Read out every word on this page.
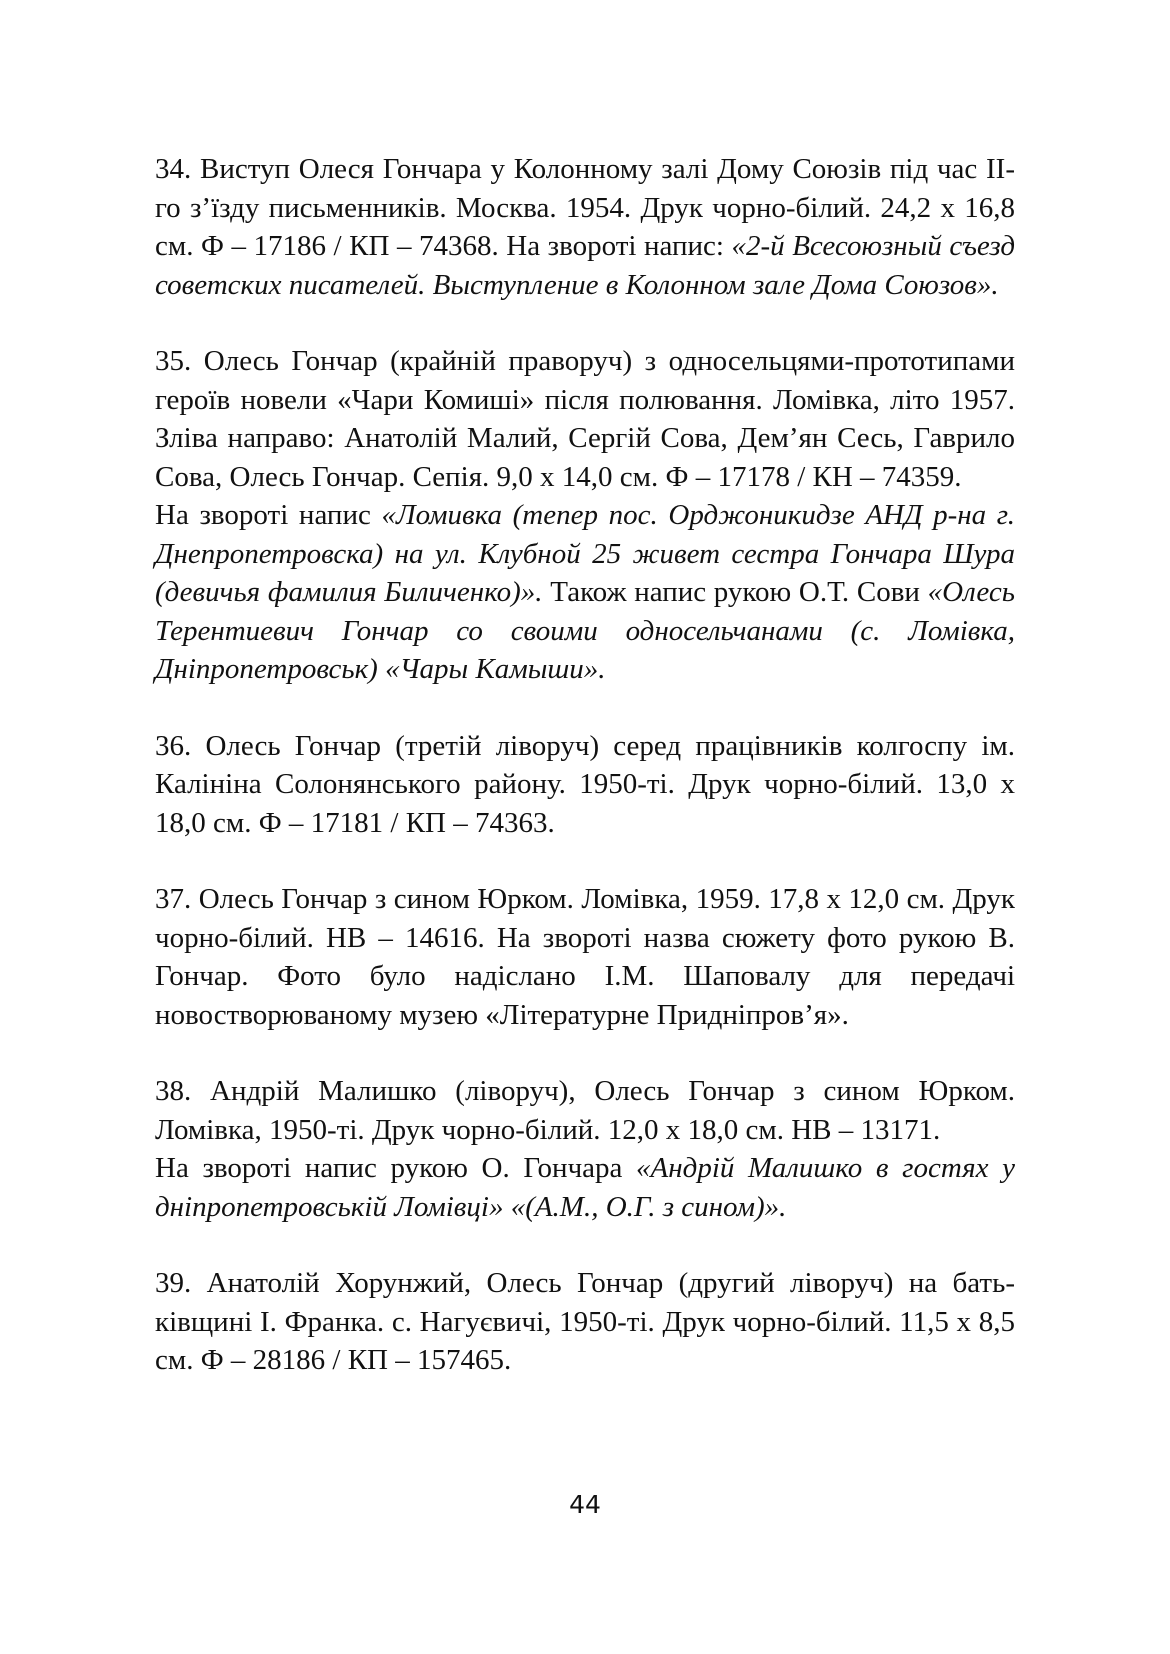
34. Виступ Олеся Гончара у Колонному залі Дому Союзів під час ІІ-го з’їзду письменників. Москва. 1954. Друк чорно-білий. 24,2 х 16,8 см. Ф – 17186 / КП – 74368. На звороті напис: «2-й Всесоюзный съезд советских писателей. Выступление в Колонном зале Дома Союзов».

35. Олесь Гончар (крайній праворуч) з односельцями-прототипами героїв новели «Чари Комиші» після полювання. Ломівка, літо 1957. Зліва направо: Анатолій Малий, Сергій Сова, Дем’ян Сесь, Гаврило Сова, Олесь Гончар. Сепія. 9,0 х 14,0 см. Ф – 17178 / КН – 74359.
На звороті напис «Ломивка (тепер пос. Орджоникидзе АНД р-на г. Днепропетровска) на ул. Клубной 25 живет сестра Гончара Шура (девичья фамилия Биличенко)». Також напис рукою О.Т. Сови «Олесь Терентиевич Гончар со своими односельчанами (с. Ломівка, Дніпропетровськ) «Чары Камыши».

36. Олесь Гончар (третій ліворуч) серед працівників колгоспу ім. Калініна Солонянського району. 1950-ті. Друк чорно-білий. 13,0 х 18,0 см. Ф – 17181 / КП – 74363.

37. Олесь Гончар з сином Юрком. Ломівка, 1959. 17,8 х 12,0 см. Друк чорно-білий. НВ – 14616. На звороті назва сюжету фото рукою В. Гончар. Фото було надіслано І.М. Шаповалу для передачі новостворюваному музею «Літературне Придніпров’я».

38. Андрій Малишко (ліворуч), Олесь Гончар з сином Юрком. Ломівка, 1950-ті. Друк чорно-білий. 12,0 х 18,0 см. НВ – 13171.
На звороті напис рукою О. Гончара «Андрій Малишко в гостях у дніпропетровській Ломівці» «(А.М., О.Г. з сином)».

39. Анатолій Хорунжий, Олесь Гончар (другий ліворуч) на батьківщині І. Франка. с. Нагуєвичі, 1950-ті. Друк чорно-білий. 11,5 х 8,5 см. Ф – 28186 / КП – 157465.

44
